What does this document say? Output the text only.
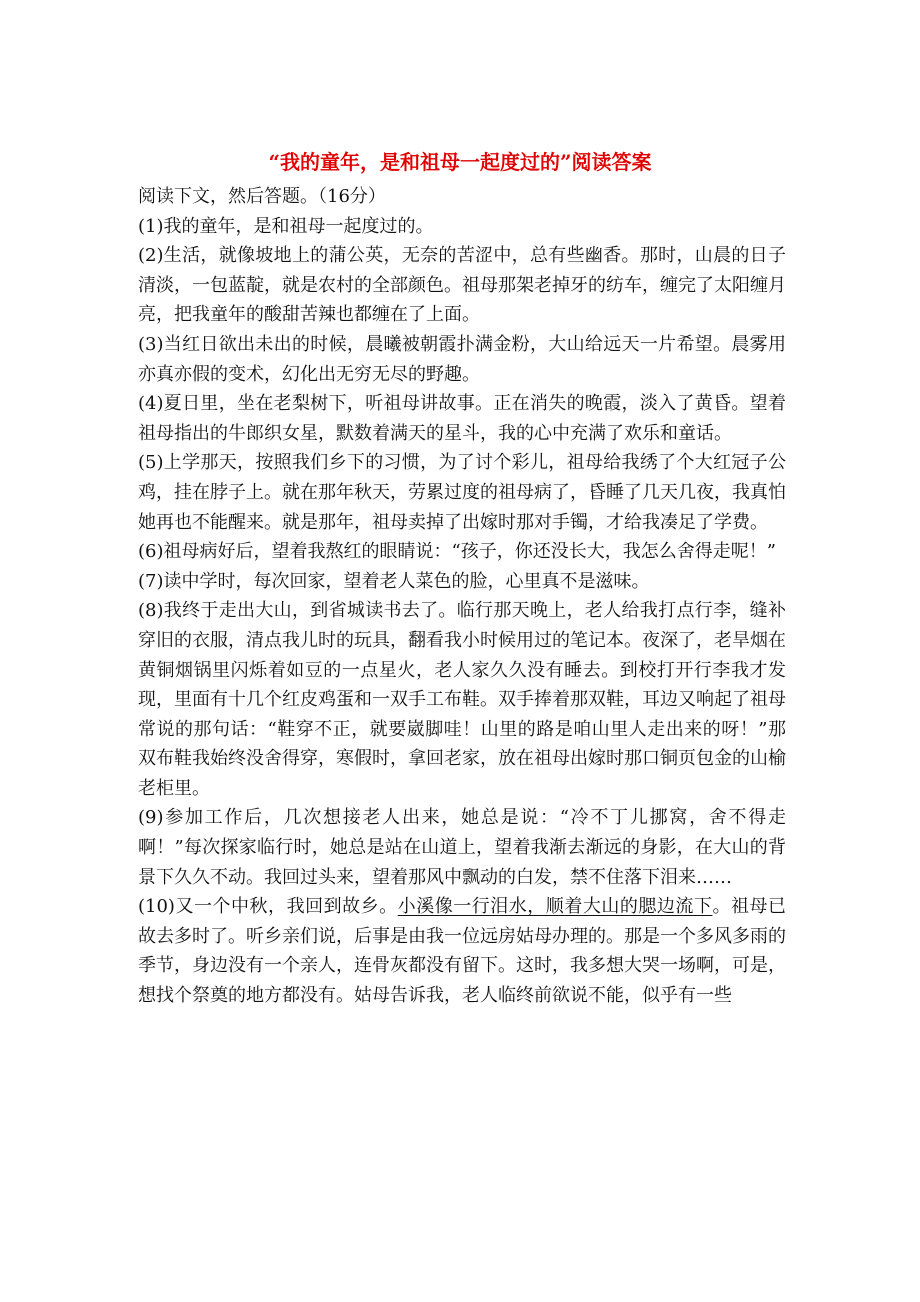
“我的童年，是和祖母一起度过的”阅读答案

阅读下文，然后答题。（16分）

(1)我的童年，是和祖母一起度过的。

(2)生活，就像坡地上的蒲公英，无奈的苦涩中，总有些幽香。那时，山晨的日子清淡，一包蓝靛，就是农村的全部颜色。祖母那架老掉牙的纺车，缠完了太阳缠月亮，把我童年的酸甜苦辣也都缠在了上面。

(3)当红日欲出未出的时候，晨曦被朝霞扑满金粉，大山给远天一片希望。晨雾用亦真亦假的变术，幻化出无穷无尽的野趣。

(4)夏日里，坐在老梨树下，听祖母讲故事。正在消失的晚霞，淡入了黄昏。望着祖母指出的牛郎织女星，默数着满天的星斗，我的心中充满了欢乐和童话。

(5)上学那天，按照我们乡下的习惯，为了讨个彩儿，祖母给我绣了个大红冠子公鸡，挂在脖子上。就在那年秋天，劳累过度的祖母病了，昏睡了几天几夜，我真怕她再也不能醒来。就是那年，祖母卖掉了出嫁时那对手镯，才给我凑足了学费。

(6)祖母病好后，望着我熬红的眼睛说：“孩子，你还没长大，我怎么舍得走呢！”

(7)读中学时，每次回家，望着老人菜色的脸，心里真不是滋味。

(8)我终于走出大山，到省城读书去了。临行那天晚上，老人给我打点行李，缝补穿旧的衣服，清点我儿时的玩具，翻看我小时候用过的笔记本。夜深了，老旱烟在黄铜烟锅里闪烁着如豆的一点星火，老人家久久没有睡去。到校打开行李我才发现，里面有十几个红皮鸡蛋和一双手工布鞋。双手捧着那双鞋，耳边又响起了祖母常说的那句话：“鞋穿不正，就要崴脚哇！山里的路是咱山里人走出来的呀！”那双布鞋我始终没舍得穿，寒假时，拿回老家，放在祖母出嫁时那口铜页包金的山榆老柜里。

(9)参加工作后，几次想接老人出来，她总是说：“冷不丁儿挪窝，舍不得走啊！”每次探家临行时，她总是站在山道上，望着我渐去渐远的身影，在大山的背景下久久不动。我回过头来，望着那风中飘动的白发，禁不住落下泪来……

(10)又一个中秋，我回到故乡。小溪像一行泪水，顺着大山的腮边流下。祖母已故去多时了。听乡亲们说，后事是由我一位远房姑母办理的。那是一个多风多雨的季节，身边没有一个亲人，连骨灰都没有留下。这时，我多想大哭一场啊，可是，想找个祭奠的地方都没有。姑母告诉我，老人临终前欲说不能，似乎有一些
